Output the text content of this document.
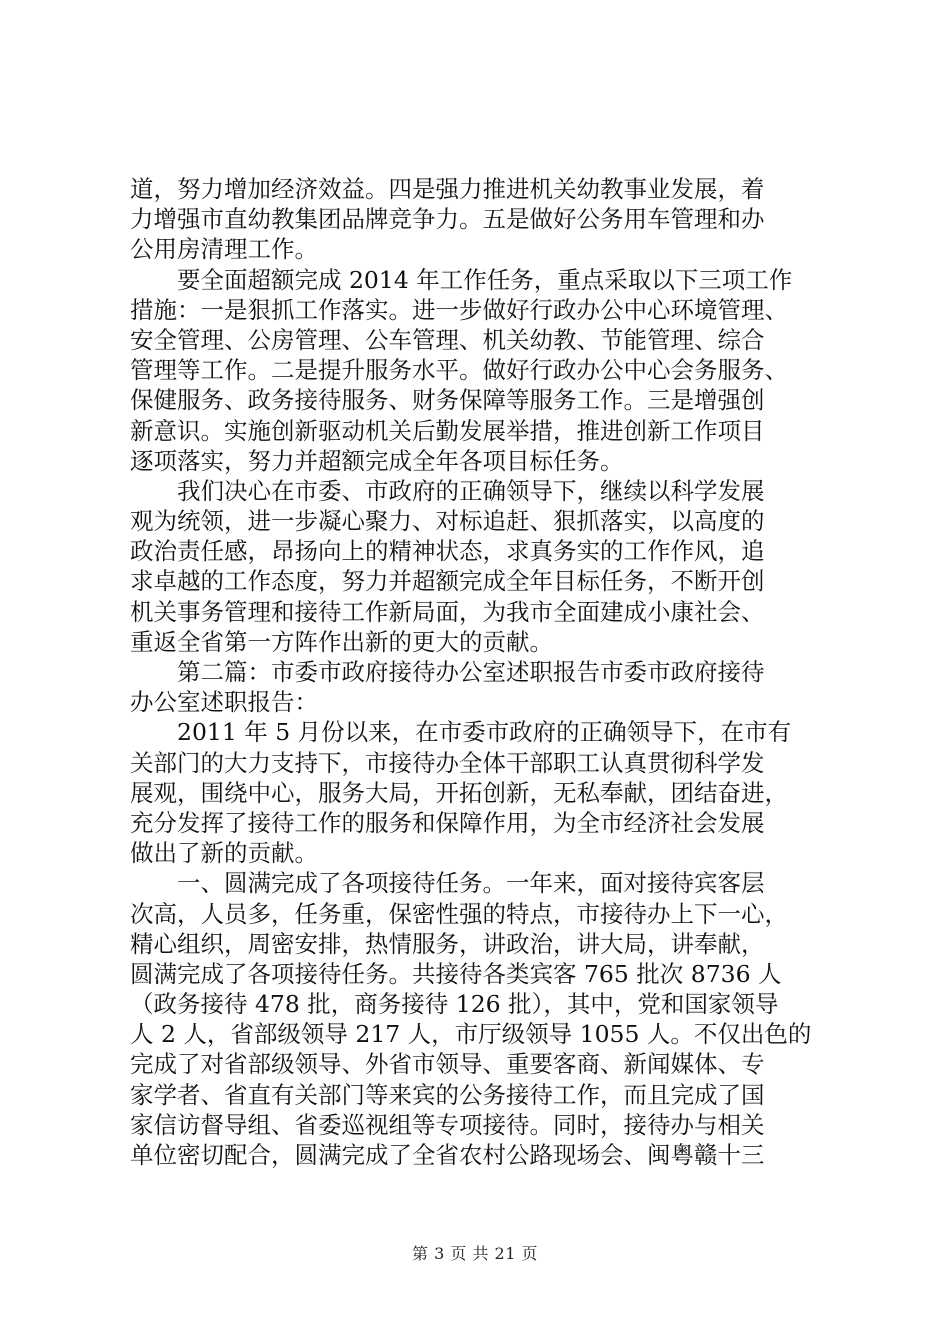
道，努力增加经济效益。四是强力推进机关幼教事业发展，着
力增强市直幼教集团品牌竞争力。五是做好公务用车管理和办
公用房清理工作。
要全面超额完成 2014 年工作任务，重点采取以下三项工作
措施：一是狠抓工作落实。进一步做好行政办公中心环境管理、
安全管理、公房管理、公车管理、机关幼教、节能管理、综合
管理等工作。二是提升服务水平。做好行政办公中心会务服务、
保健服务、政务接待服务、财务保障等服务工作。三是增强创
新意识。实施创新驱动机关后勤发展举措，推进创新工作项目
逐项落实，努力并超额完成全年各项目标任务。
我们决心在市委、市政府的正确领导下，继续以科学发展
观为统领，进一步凝心聚力、对标追赶、狠抓落实，以高度的
政治责任感，昂扬向上的精神状态，求真务实的工作作风，追
求卓越的工作态度，努力并超额完成全年目标任务，不断开创
机关事务管理和接待工作新局面，为我市全面建成小康社会、
重返全省第一方阵作出新的更大的贡献。
第二篇：市委市政府接待办公室述职报告市委市政府接待
办公室述职报告：
2011 年 5 月份以来，在市委市政府的正确领导下，在市有
关部门的大力支持下，市接待办全体干部职工认真贯彻科学发
展观，围绕中心，服务大局，开拓创新，无私奉献，团结奋进，
充分发挥了接待工作的服务和保障作用，为全市经济社会发展
做出了新的贡献。
一、圆满完成了各项接待任务。一年来，面对接待宾客层
次高，人员多，任务重，保密性强的特点，市接待办上下一心，
精心组织，周密安排，热情服务，讲政治，讲大局，讲奉献，
圆满完成了各项接待任务。共接待各类宾客 765 批次 8736 人
（政务接待 478 批，商务接待 126 批），其中，党和国家领导
人 2 人，省部级领导 217 人，市厅级领导 1055 人。不仅出色的
完成了对省部级领导、外省市领导、重要客商、新闻媒体、专
家学者、省直有关部门等来宾的公务接待工作，而且完成了国
家信访督导组、省委巡视组等专项接待。同时，接待办与相关
单位密切配合，圆满完成了全省农村公路现场会、闽粤赣十三
第 3 页 共 21 页
